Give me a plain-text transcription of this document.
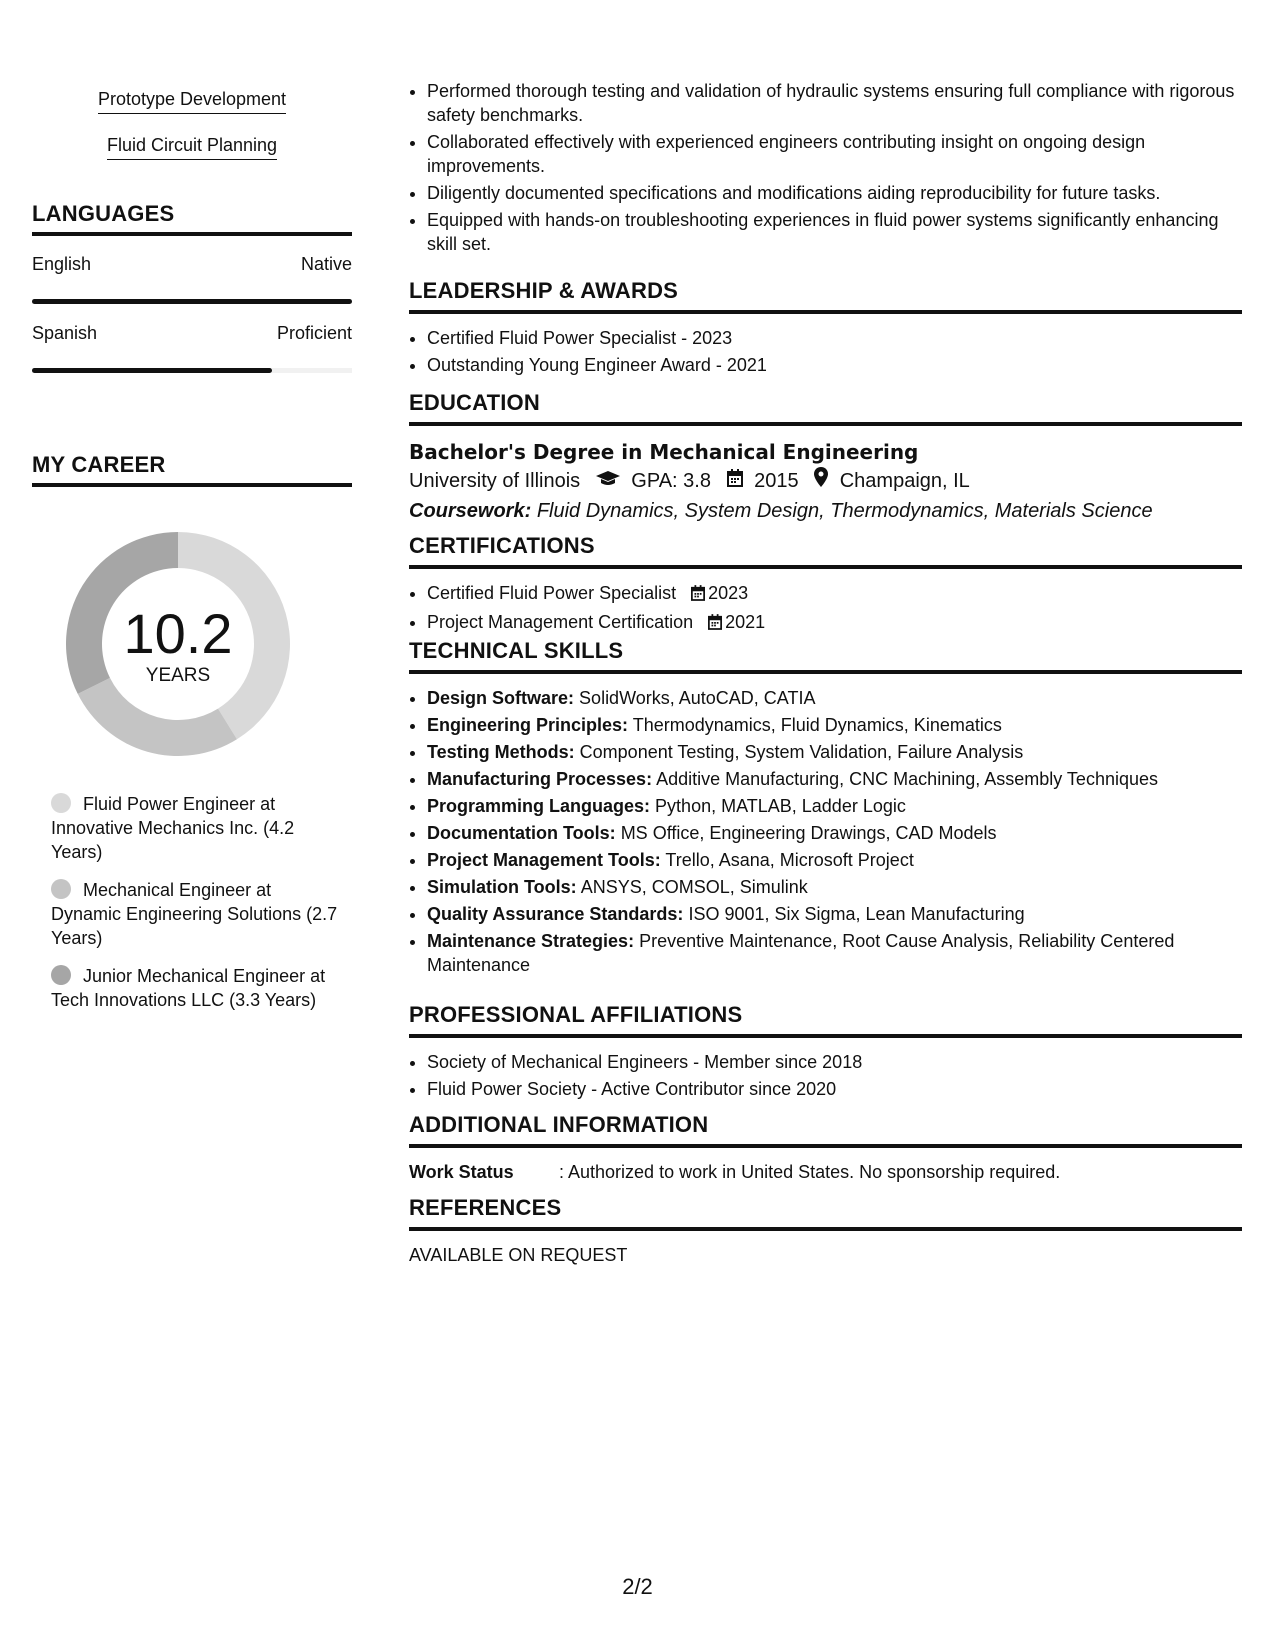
Prototype Development
Fluid Circuit Planning
LANGUAGES
English	Native
Spanish	Proficient
MY CAREER
10.2
YEARS
Fluid Power Engineer at Innovative Mechanics Inc. (4.2 Years)
Mechanical Engineer at Dynamic Engineering Solutions (2.7 Years)
Junior Mechanical Engineer at Tech Innovations LLC (3.3 Years)
• Performed thorough testing and validation of hydraulic systems ensuring full compliance with rigorous safety benchmarks.
• Collaborated effectively with experienced engineers contributing insight on ongoing design improvements.
• Diligently documented specifications and modifications aiding reproducibility for future tasks.
• Equipped with hands-on troubleshooting experiences in fluid power systems significantly enhancing skill set.
LEADERSHIP & AWARDS
• Certified Fluid Power Specialist - 2023
• Outstanding Young Engineer Award - 2021
EDUCATION
Bachelor's Degree in Mechanical Engineering
University of Illinois	GPA: 3.8 2015 Champaign, IL
Coursework: Fluid Dynamics, System Design, Thermodynamics, Materials Science
CERTIFICATIONS
• Certified Fluid Power Specialist 2023
• Project Management Certification 2021
TECHNICAL SKILLS
• Design Software: SolidWorks, AutoCAD, CATIA
• Engineering Principles: Thermodynamics, Fluid Dynamics, Kinematics
• Testing Methods: Component Testing, System Validation, Failure Analysis
• Manufacturing Processes: Additive Manufacturing, CNC Machining, Assembly Techniques
• Programming Languages: Python, MATLAB, Ladder Logic
• Documentation Tools: MS Office, Engineering Drawings, CAD Models
• Project Management Tools: Trello, Asana, Microsoft Project
• Simulation Tools: ANSYS, COMSOL, Simulink
• Quality Assurance Standards: ISO 9001, Six Sigma, Lean Manufacturing
• Maintenance Strategies: Preventive Maintenance, Root Cause Analysis, Reliability Centered Maintenance
PROFESSIONAL AFFILIATIONS
• Society of Mechanical Engineers - Member since 2018
• Fluid Power Society - Active Contributor since 2020
ADDITIONAL INFORMATION
Work Status	: Authorized to work in United States. No sponsorship required.
REFERENCES
AVAILABLE ON REQUEST
2/2
